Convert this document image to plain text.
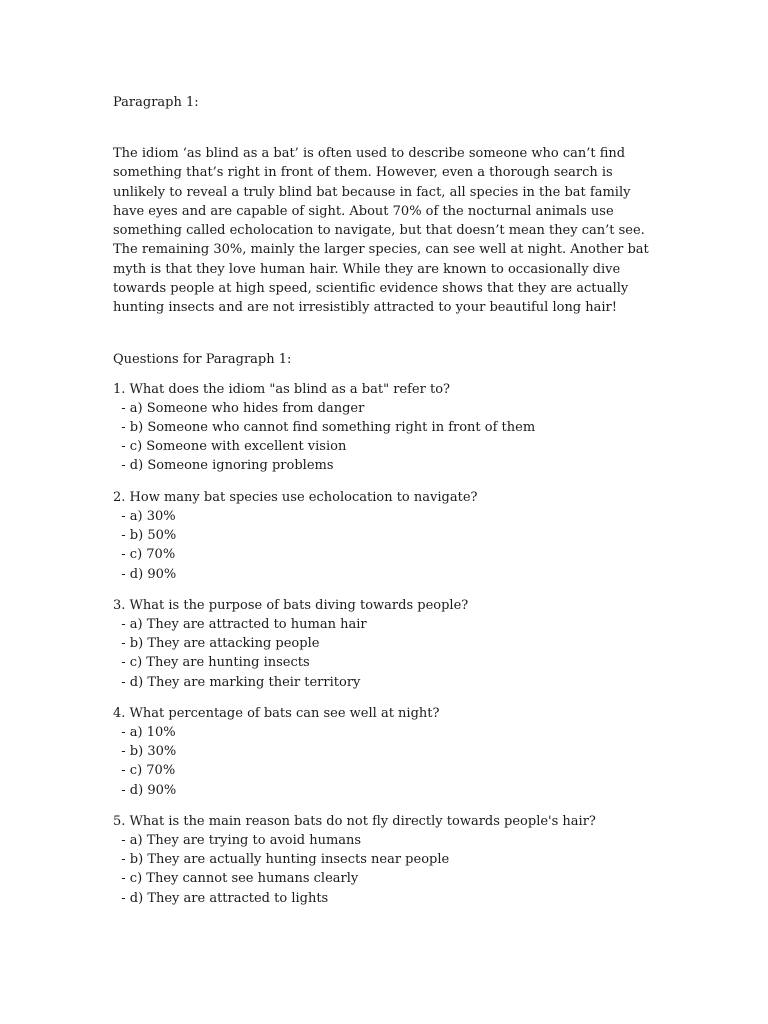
Paragraph 1:

The idiom ‘as blind as a bat’ is often used to describe someone who can’t find something that’s right in front of them. However, even a thorough search is unlikely to reveal a truly blind bat because in fact, all species in the bat family have eyes and are capable of sight. About 70% of the nocturnal animals use something called echolocation to navigate, but that doesn’t mean they can’t see. The remaining 30%, mainly the larger species, can see well at night. Another bat myth is that they love human hair. While they are known to occasionally dive towards people at high speed, scientific evidence shows that they are actually hunting insects and are not irresistibly attracted to your beautiful long hair!

Questions for Paragraph 1:

1. What does the idiom "as blind as a bat" refer to?

- a) Someone who hides from danger
- b) Someone who cannot find something right in front of them
- c) Someone with excellent vision
- d) Someone ignoring problems

2. How many bat species use echolocation to navigate?

- a) 30%
- b) 50%
- c) 70%
- d) 90%

3. What is the purpose of bats diving towards people?

- a) They are attracted to human hair
- b) They are attacking people
- c) They are hunting insects
- d) They are marking their territory

4. What percentage of bats can see well at night?

- a) 10%
- b) 30%
- c) 70%
- d) 90%

5. What is the main reason bats do not fly directly towards people's hair?

- a) They are trying to avoid humans
- b) They are actually hunting insects near people
- c) They cannot see humans clearly
- d) They are attracted to lights
